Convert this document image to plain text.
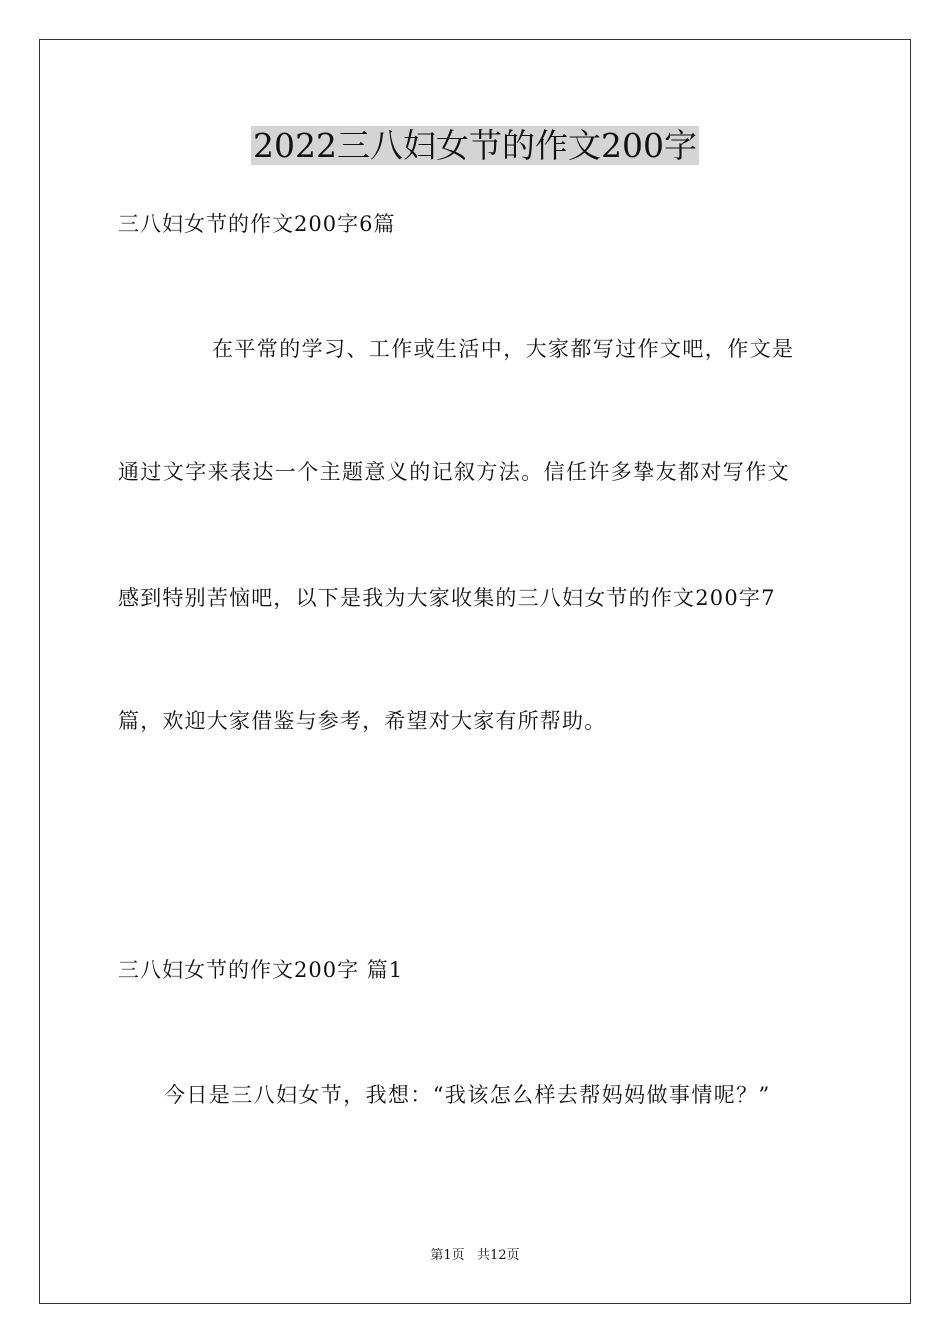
2022三八妇女节的作文200字
三八妇女节的作文200字6篇
在平常的学习、工作或生活中，大家都写过作文吧，作文是
通过文字来表达一个主题意义的记叙方法。信任许多挚友都对写作文
感到特别苦恼吧，以下是我为大家收集的三八妇女节的作文200字7
篇，欢迎大家借鉴与参考，希望对大家有所帮助。
三八妇女节的作文200字 篇1
今日是三八妇女节，我想：“我该怎么样去帮妈妈做事情呢？”
第1页   共12页
